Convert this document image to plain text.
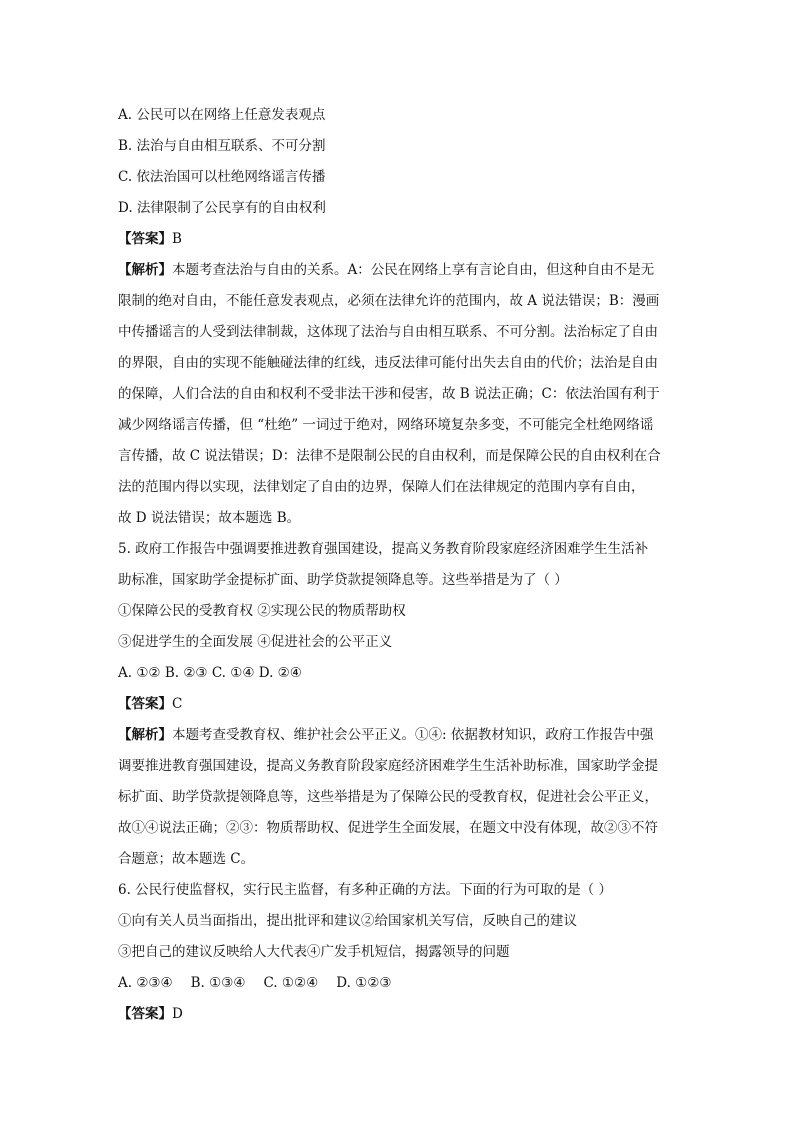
A. 公民可以在网络上任意发表观点

B. 法治与自由相互联系、不可分割

C. 依法治国可以杜绝网络谣言传播

D. 法律限制了公民享有的自由权利

【答案】B

【解析】本题考查法治与自由的关系。A：公民在网络上享有言论自由，但这种自由不是无
限制的绝对自由，不能任意发表观点，必须在法律允许的范围内，故 A 说法错误；B：漫画
中传播谣言的人受到法律制裁，这体现了法治与自由相互联系、不可分割。法治标定了自由
的界限，自由的实现不能触碰法律的红线，违反法律可能付出失去自由的代价；法治是自由
的保障，人们合法的自由和权利不受非法干涉和侵害，故 B 说法正确；C：依法治国有利于
减少网络谣言传播，但 “杜绝” 一词过于绝对，网络环境复杂多变，不可能完全杜绝网络谣
言传播，故 C 说法错误；D：法律不是限制公民的自由权利，而是保障公民的自由权利在合
法的范围内得以实现，法律划定了自由的边界，保障人们在法律规定的范围内享有自由，
故 D 说法错误；故本题选 B。
5. 政府工作报告中强调要推进教育强国建设，提高义务教育阶段家庭经济困难学生生活补
助标准，国家助学金提标扩面、助学贷款提领降息等。这些举措是为了（ ）

①保障公民的受教育权 ②实现公民的物质帮助权

③促进学生的全面发展 ④促进社会的公平正义

A. ①② B. ②③ C. ①④ D. ②④

【答案】C

【解析】本题考查受教育权、维护社会公平正义。①④: 依据教材知识，政府工作报告中强
调要推进教育强国建设，提高义务教育阶段家庭经济困难学生生活补助标准，国家助学金提
标扩面、助学贷款提领降息等，这些举措是为了保障公民的受教育权，促进社会公平正义，
故①④说法正确；②③：物质帮助权、促进学生全面发展，在题文中没有体现，故②③不符
合题意；故本题选 C。

6. 公民行使监督权，实行民主监督，有多种正确的方法。下面的行为可取的是（ ）

①向有关人员当面指出，提出批评和建议②给国家机关写信，反映自己的建议

③把自己的建议反映给人大代表④广发手机短信，揭露领导的问题

A. ②③④ B. ①③④ C. ①②④ D. ①②③

【答案】D
